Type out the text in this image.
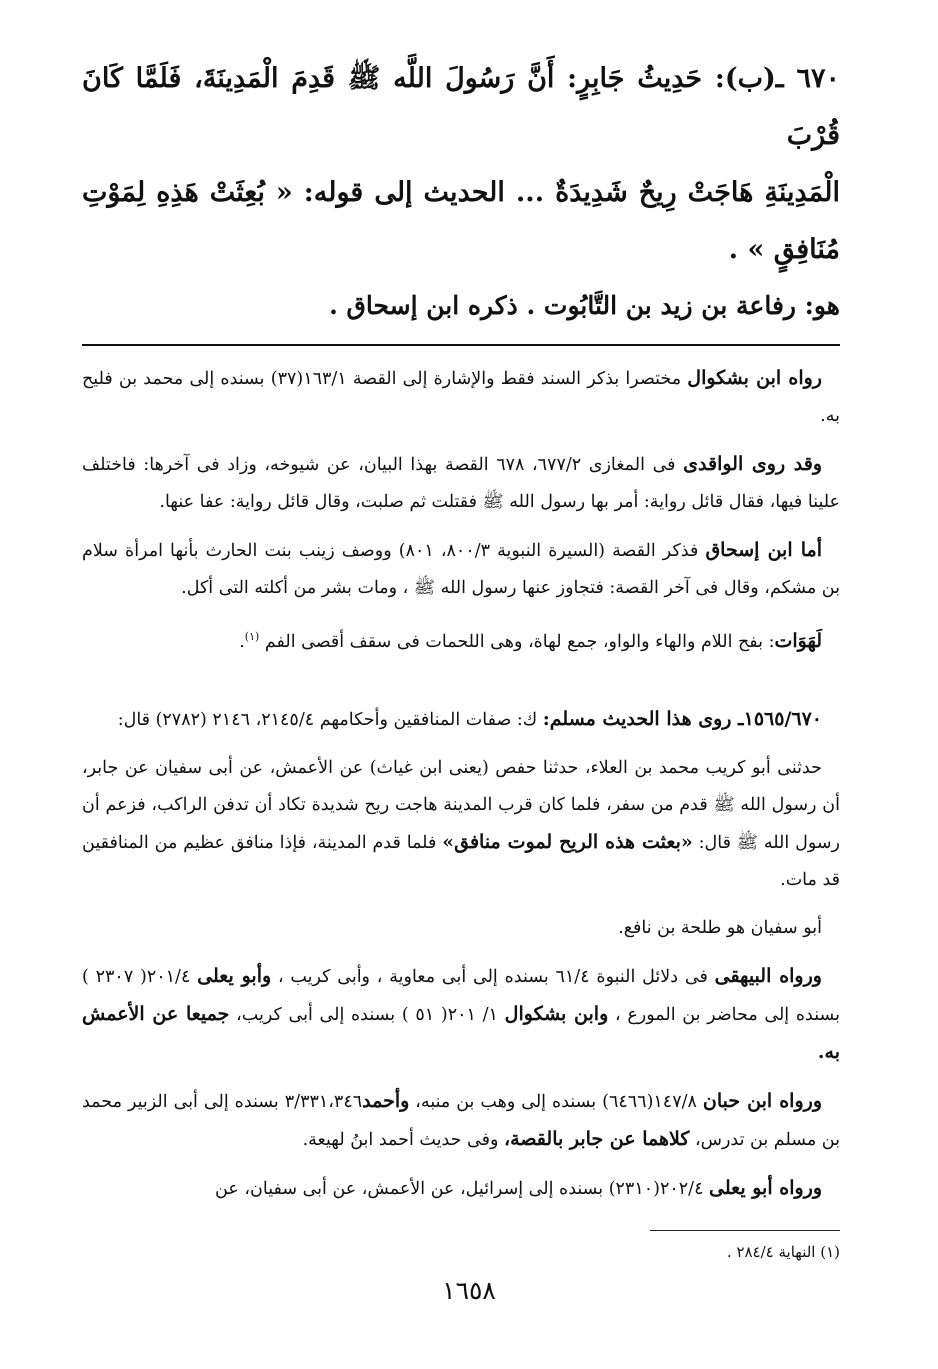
٦٧٠ ـ(ب): حَدِيثُ جَابِرٍ: أَنَّ رَسُولَ اللَّه ﷺ قَدِمَ الْمَدِينَةَ، فَلَمَّا كَانَ قُرْبَ
الْمَدِينَةِ هَاجَتْ رِيحٌ شَدِيدَةٌ ... الحديث إلى قوله: « بُعِثَتْ هَذِهِ لِمَوْتِ مُنَافِقٍ » .

هو: رفاعة بن زيد بن التَّابُوت . ذكره ابن إسحاق .

رواه ابن بشكوال مختصرا بذكر السند فقط والإشارة إلى القصة ١٦٣/١(٣٧) بسنده إلى محمد بن فليح به.

وقد روى الواقدى فى المغازى ٦٧٧/٢، ٦٧٨ القصة بهذا البيان، عن شيوخه، وزاد فى آخرها: فاختلف علينا فيها، فقال قائل رواية: أمر بها رسول الله ﷺ فقتلت ثم صلبت، وقال قائل رواية: عفا عنها.

أما ابن إسحاق فذكر القصة (السيرة النبوية ٨٠٠/٣، ٨٠١) ووصف زينب بنت الحارث بأنها امرأة سلام بن مشكم، وقال فى آخر القصة: فتجاوز عنها رسول الله ﷺ ، ومات بشر من أكلته التى أكل.

لَهَوَات: بفح اللام والهاء والواو، جمع لهاة، وهى اللحمات فى سقف أقصى الفم $^{(١)}$.

١٥٦٥/٦٧٠ـ روى هذا الحديث مسلم: ك: صفات المنافقين وأحكامهم ٢١٤٥/٤، ٢١٤٦ (٢٧٨٢) قال:

حدثنى أبو كريب محمد بن العلاء، حدثنا حفص (يعنى ابن غياث) عن الأعمش، عن أبى سفيان عن جابر، أن رسول الله ﷺ قدم من سفر، فلما كان قرب المدينة هاجت ريح شديدة تكاد أن تدفن الراكب، فزعم أن رسول الله ﷺ قال: «بعثت هذه الريح لموت منافق» فلما قدم المدينة، فإذا منافق عظيم من المنافقين قد مات.

أبو سفيان هو طلحة بن نافع.

ورواه البيهقى فى دلائل النبوة ٦١/٤ بسنده إلى أبى معاوية ، وأبى كريب ، وأبو يعلى ٢٠١/٤( ٢٣٠٧ ) بسنده إلى محاضر بن المورع ، وابن بشكوال ١/ ٢٠١( ٥١ ) بسنده إلى أبى كريب، جميعا عن الأعمش به.

ورواه ابن حبان ١٤٧/٨(٦٤٦٦) بسنده إلى وهب بن منبه، وأحمد٣/٣٣١،٣٤٦ بسنده إلى أبى الزبير محمد بن مسلم بن تدرس، كلاهما عن جابر بالقصة، وفى حديث أحمد ابنُ لهيعة.

ورواه أبو يعلى ٢٠٢/٤(٢٣١٠) بسنده إلى إسرائيل، عن الأعمش، عن أبى سفيان، عن

(١) النهاية ٢٨٤/٤ .

١٦٥٨
